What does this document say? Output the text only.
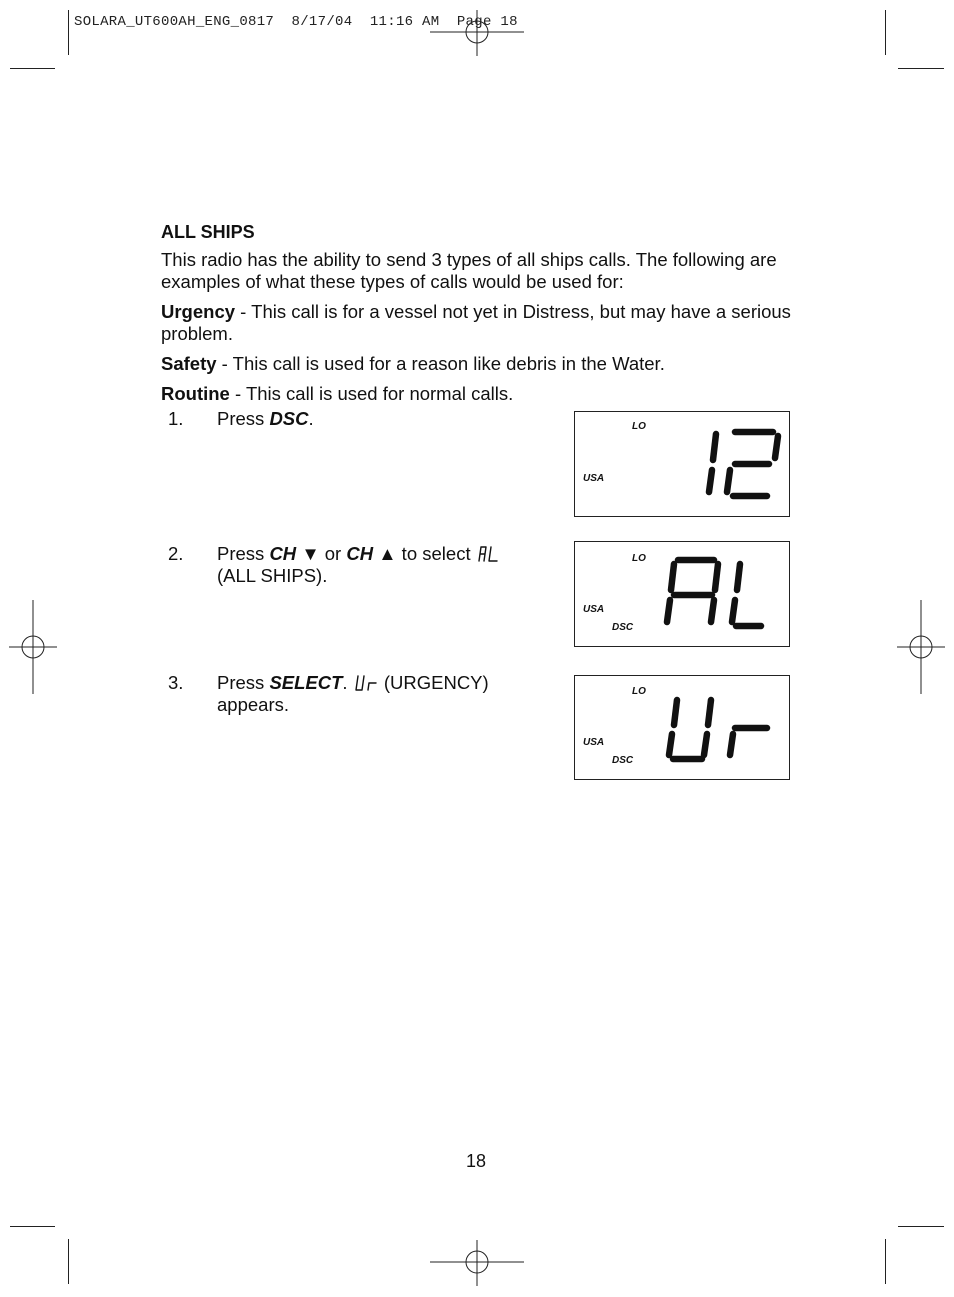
SOLARA_UT600AH_ENG_0817  8/17/04  11:16 AM  Page 18
ALL SHIPS
This radio has the ability to send 3 types of all ships calls. The following are examples of what these types of calls would be used for:
Urgency - This call is for a vessel not yet in Distress, but may have a serious problem.
Safety - This call is used for a reason like debris in the Water.
Routine - This call is used for normal calls.
1. Press DSC.
2. Press CH ▼ or CH ▲ to select
(ALL SHIPS).
3. Press SELECT.  (URGENCY) appears.
LO
USA
LO
USA
DSC
LO
USA
DSC
18
